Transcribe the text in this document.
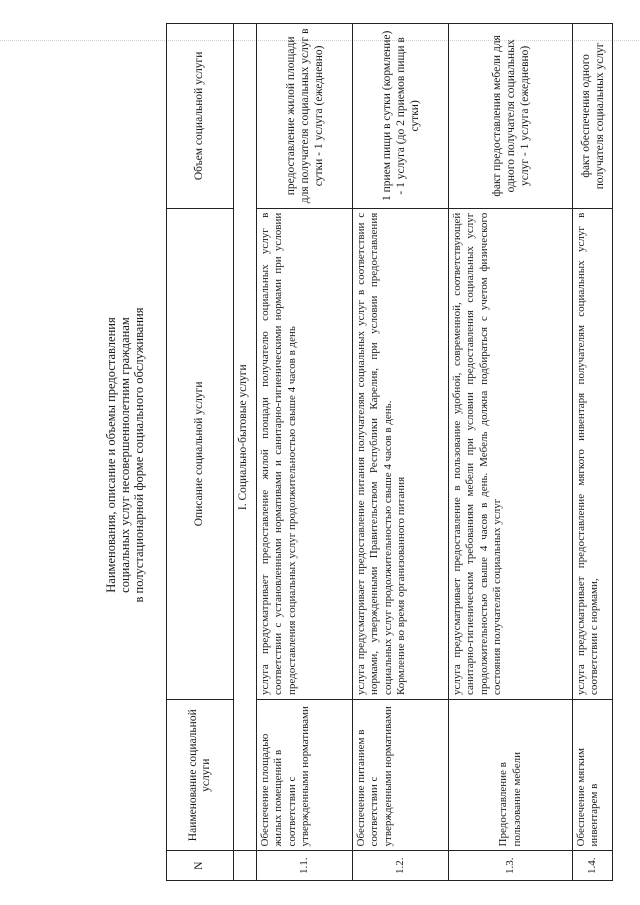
Наименования, описание и объемы предоставления социальных услуг несовершеннолетним гражданам в полустационарной форме социального обслуживания
N	Наименование социальной услуги	Описание социальной услуги	Объем социальной услуги
	I. Социально-бытовые услуги		
1.1.	Обеспечение площадью жилых помещений в соответствии с утвержденными нормативами	услуга предусматривает предоставление жилой площади получателю социальных услуг в соответствии с установленными нормативами и санитарно-гигиеническими нормами при условии предоставления социальных услуг продолжительностью свыше 4 часов в день	предоставление жилой площади для получателя социальных услуг в сутки - 1 услуга (ежедневно)
1.2.	Обеспечение питанием в соответствии с утвержденными нормативами	услуга предусматривает предоставление питания получателям социальных услуг в соответствии с нормами, утвержденными Правительством Республики Карелия, при условии предоставления социальных услуг продолжительностью свыше 4 часов в день. Кормление во время организованного питания	1 прием пищи в сутки (кормление) - 1 услуга (до 2 приемов пищи в сутки)
1.3.	Предоставление в пользование мебели	услуга предусматривает предоставление в пользование удобной, современной, соответствующей санитарно-гигиеническим требованиям мебели при условии предоставления социальных услуг продолжительностью свыше 4 часов в день. Мебель должна подбираться с учетом физического состояния получателей социальных услуг	факт предоставления мебели для одного получателя социальных услуг - 1 услуга (ежедневно)
1.4.	Обеспечение мягким инвентарем в	услуга предусматривает предоставление мягкого инвентаря получателям социальных услуг в соответствии с нормами,	факт обеспечения одного получателя социальных услуг
